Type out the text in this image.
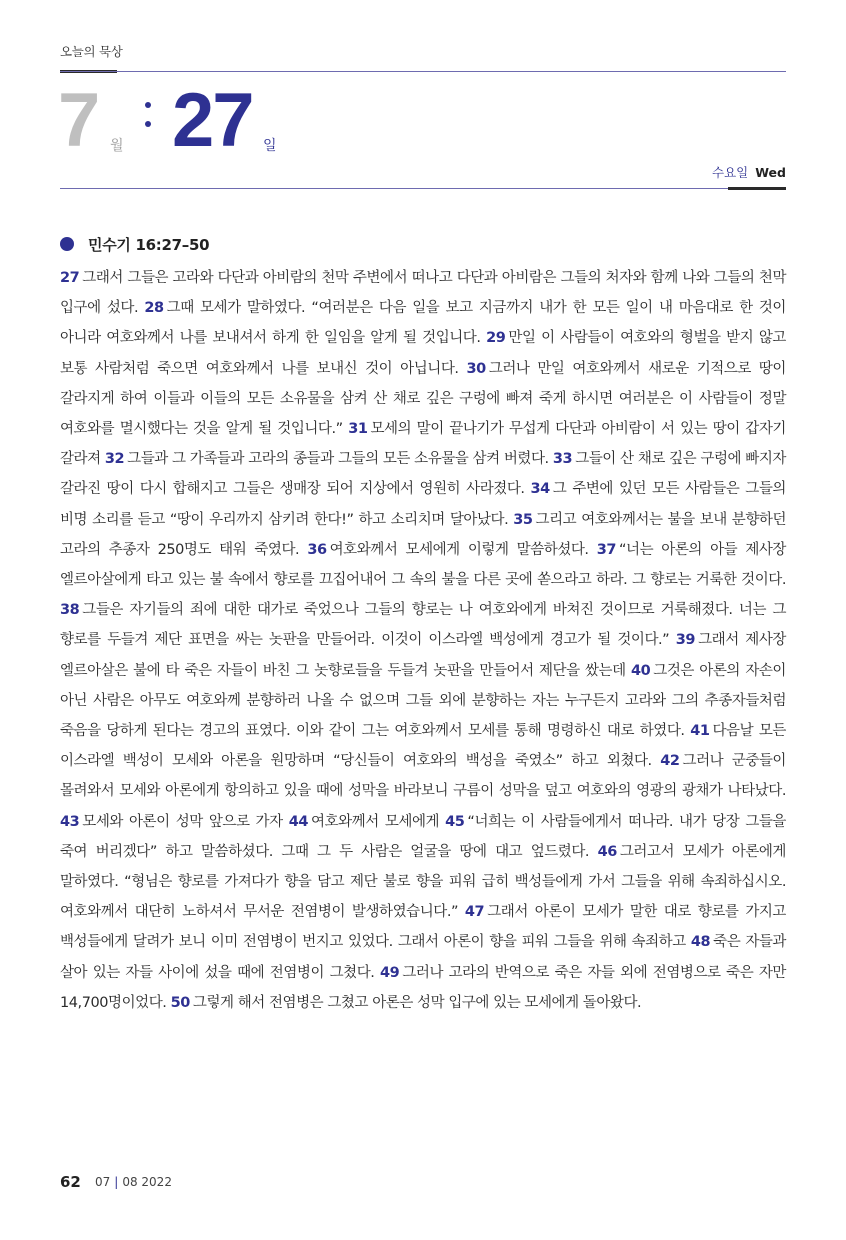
오늘의 묵상
7 월 27 일
수요일 Wed
민수기 16:27–50
27 그래서 그들은 고라와 다단과 아비람의 천막 주변에서 떠나고 다단과 아비람은 그들의 처자와 함께 나와 그들의 천막 입구에 섰다. 28 그때 모세가 말하였다. “여러분은 다음 일을 보고 지금까지 내가 한 모든 일이 내 마음대로 한 것이 아니라 여호와께서 나를 보내셔서 하게 한 일임을 알게 될 것입니다. 29 만일 이 사람들이 여호와의 형벌을 받지 않고 보통 사람처럼 죽으면 여호와께서 나를 보내신 것이 아닙니다. 30 그러나 만일 여호와께서 새로운 기적으로 땅이 갈라지게 하여 이들과 이들의 모든 소유물을 삼켜 산 채로 깊은 구렁에 빠져 죽게 하시면 여러분은 이 사람들이 정말 여호와를 멸시했다는 것을 알게 될 것입니다.” 31 모세의 말이 끝나기가 무섭게 다단과 아비람이 서 있는 땅이 갑자기 갈라져 32 그들과 그 가족들과 고라의 종들과 그들의 모든 소유물을 삼켜 버렸다. 33 그들이 산 채로 깊은 구렁에 빠지자 갈라진 땅이 다시 합해지고 그들은 생매장 되어 지상에서 영원히 사라졌다. 34 그 주변에 있던 모든 사람들은 그들의 비명 소리를 듣고 “땅이 우리까지 삼키려 한다!” 하고 소리치며 달아났다. 35 그리고 여호와께서는 불을 보내 분향하던 고라의 추종자 250명도 태워 죽였다. 36 여호와께서 모세에게 이렇게 말씀하셨다. 37 “너는 아론의 아들 제사장 엘르아살에게 타고 있는 불 속에서 향로를 끄집어내어 그 속의 불을 다른 곳에 쏟으라고 하라. 그 향로는 거룩한 것이다. 38 그들은 자기들의 죄에 대한 대가로 죽었으나 그들의 향로는 나 여호와에게 바쳐진 것이므로 거룩해졌다. 너는 그 향로를 두들겨 제단 표면을 싸는 놋판을 만들어라. 이것이 이스라엘 백성에게 경고가 될 것이다.” 39 그래서 제사장 엘르아살은 불에 타 죽은 자들이 바친 그 놋향로들을 두들겨 놋판을 만들어서 제단을 쌌는데 40 그것은 아론의 자손이 아닌 사람은 아무도 여호와께 분향하러 나올 수 없으며 그들 외에 분향하는 자는 누구든지 고라와 그의 추종자들처럼 죽음을 당하게 된다는 경고의 표였다. 이와 같이 그는 여호와께서 모세를 통해 명령하신 대로 하였다. 41 다음날 모든 이스라엘 백성이 모세와 아론을 원망하며 “당신들이 여호와의 백성을 죽였소” 하고 외쳤다. 42 그러나 군중들이 몰려와서 모세와 아론에게 항의하고 있을 때에 성막을 바라보니 구름이 성막을 덮고 여호와의 영광의 광채가 나타났다. 43 모세와 아론이 성막 앞으로 가자 44 여호와께서 모세에게 45 “너희는 이 사람들에게서 떠나라. 내가 당장 그들을 죽여 버리겠다” 하고 말씀하셨다. 그때 그 두 사람은 얼굴을 땅에 대고 엎드렸다. 46 그러고서 모세가 아론에게 말하였다. “형님은 향로를 가져다가 향을 담고 제단 불로 향을 피워 급히 백성들에게 가서 그들을 위해 속죄하십시오. 여호와께서 대단히 노하셔서 무서운 전염병이 발생하였습니다.” 47 그래서 아론이 모세가 말한 대로 향로를 가지고 백성들에게 달려가 보니 이미 전염병이 번지고 있었다. 그래서 아론이 향을 피워 그들을 위해 속죄하고 48 죽은 자들과 살아 있는 자들 사이에 섰을 때에 전염병이 그쳤다. 49 그러나 고라의 반역으로 죽은 자들 외에 전염병으로 죽은 자만 14,700명이었다. 50 그렇게 해서 전염병은 그쳤고 아론은 성막 입구에 있는 모세에게 돌아왔다.
62 07 | 08 2022
